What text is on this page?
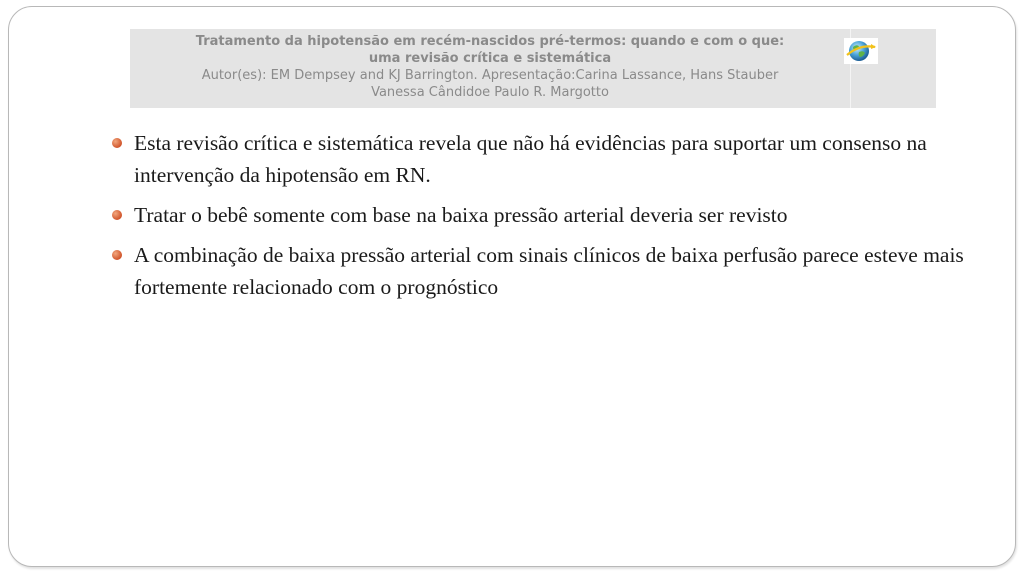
Tratamento da hipotensão em recém-nascidos pré-termos: quando e com o que:
uma revisão crítica e sistemática
Autor(es): EM Dempsey and KJ Barrington. Apresentação:Carina Lassance, Hans Stauber
Vanessa Cândidoe Paulo R. Margotto
Esta revisão crítica e sistemática revela que não há evidências para suportar um consenso na intervenção da hipotensão em RN.
Tratar o bebê somente com base na baixa pressão arterial deveria ser revisto
A combinação de baixa pressão arterial com sinais clínicos de baixa perfusão parece esteve mais fortemente relacionado com o prognóstico
